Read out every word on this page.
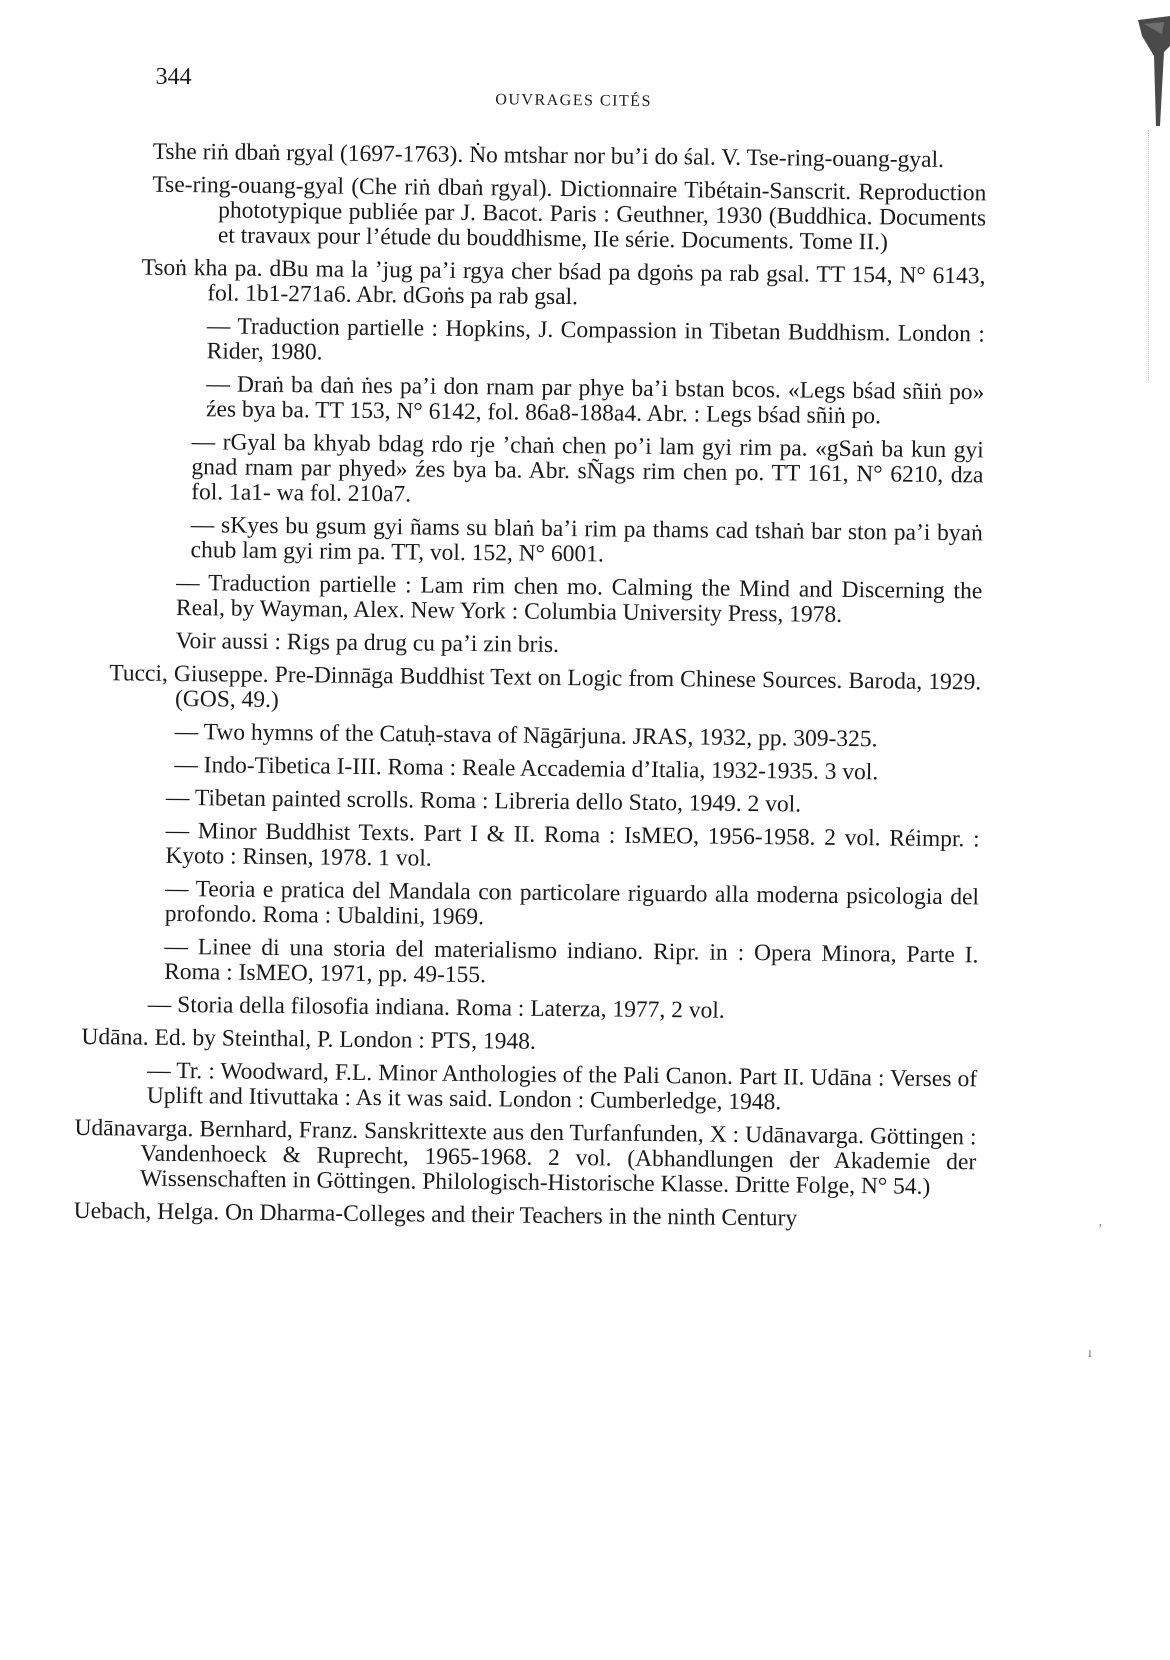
344
OUVRAGES CITÉS

Tshe riṅ dbaṅ rgyal (1697-1763). Ṅo mtshar nor bu’i do śal. V. Tse-ring-ouang-gyal.

Tse-ring-ouang-gyal (Che riṅ dbaṅ rgyal). Dictionnaire Tibétain-Sanscrit. Reproduction phototypique publiée par J. Bacot. Paris : Geuthner, 1930 (Buddhica. Documents et travaux pour l’étude du bouddhisme, IIe série. Documents. Tome II.)

Tsoṅ kha pa. dBu ma la ’jug pa’i rgya cher bśad pa dgoṅs pa rab gsal. TT 154, N° 6143, fol. 1b1-271a6. Abr. dGoṅs pa rab gsal.

— Traduction partielle : Hopkins, J. Compassion in Tibetan Buddhism. London : Rider, 1980.

— Draṅ ba daṅ ṅes pa’i don rnam par phye ba’i bstan bcos. «Legs bśad sñiṅ po» źes bya ba. TT 153, N° 6142, fol. 86a8-188a4. Abr. : Legs bśad sñiṅ po.

— rGyal ba khyab bdag rdo rje ’chaṅ chen po’i lam gyi rim pa. «gSaṅ ba kun gyi gnad rnam par phyed» źes bya ba. Abr. sÑags rim chen po. TT 161, N° 6210, dza fol. 1a1- wa fol. 210a7.

— sKyes bu gsum gyi ñams su blaṅ ba’i rim pa thams cad tshaṅ bar ston pa’i byaṅ chub lam gyi rim pa. TT, vol. 152, N° 6001.

— Traduction partielle : Lam rim chen mo. Calming the Mind and Discerning the Real, by Wayman, Alex. New York : Columbia University Press, 1978.

Voir aussi : Rigs pa drug cu pa’i zin bris.

Tucci, Giuseppe. Pre-Dinnāga Buddhist Text on Logic from Chinese Sources. Baroda, 1929. (GOS, 49.)

— Two hymns of the Catuḥ-stava of Nāgārjuna. JRAS, 1932, pp. 309-325.

— Indo-Tibetica I-III. Roma : Reale Accademia d’Italia, 1932-1935. 3 vol.

— Tibetan painted scrolls. Roma : Libreria dello Stato, 1949. 2 vol.

— Minor Buddhist Texts. Part I & II. Roma : IsMEO, 1956-1958. 2 vol. Réimpr. : Kyoto : Rinsen, 1978. 1 vol.

— Teoria e pratica del Mandala con particolare riguardo alla moderna psicologia del profondo. Roma : Ubaldini, 1969.

— Linee di una storia del materialismo indiano. Ripr. in : Opera Minora, Parte I. Roma : IsMEO, 1971, pp. 49-155.

— Storia della filosofia indiana. Roma : Laterza, 1977, 2 vol.

Udāna. Ed. by Steinthal, P. London : PTS, 1948.

— Tr. : Woodward, F.L. Minor Anthologies of the Pali Canon. Part II. Udāna : Verses of Uplift and Itivuttaka : As it was said. London : Cumberledge, 1948.

Udānavarga. Bernhard, Franz. Sanskrittexte aus den Turfanfunden, X : Udānavarga. Göttingen : Vandenhoeck & Ruprecht, 1965-1968. 2 vol. (Abhandlungen der Akademie der Wissenschaften in Göttingen. Philologisch-Historische Klasse. Dritte Folge, N° 54.)

Uebach, Helga. On Dharma-Colleges and their Teachers in the ninth Century	ʼ
ı
